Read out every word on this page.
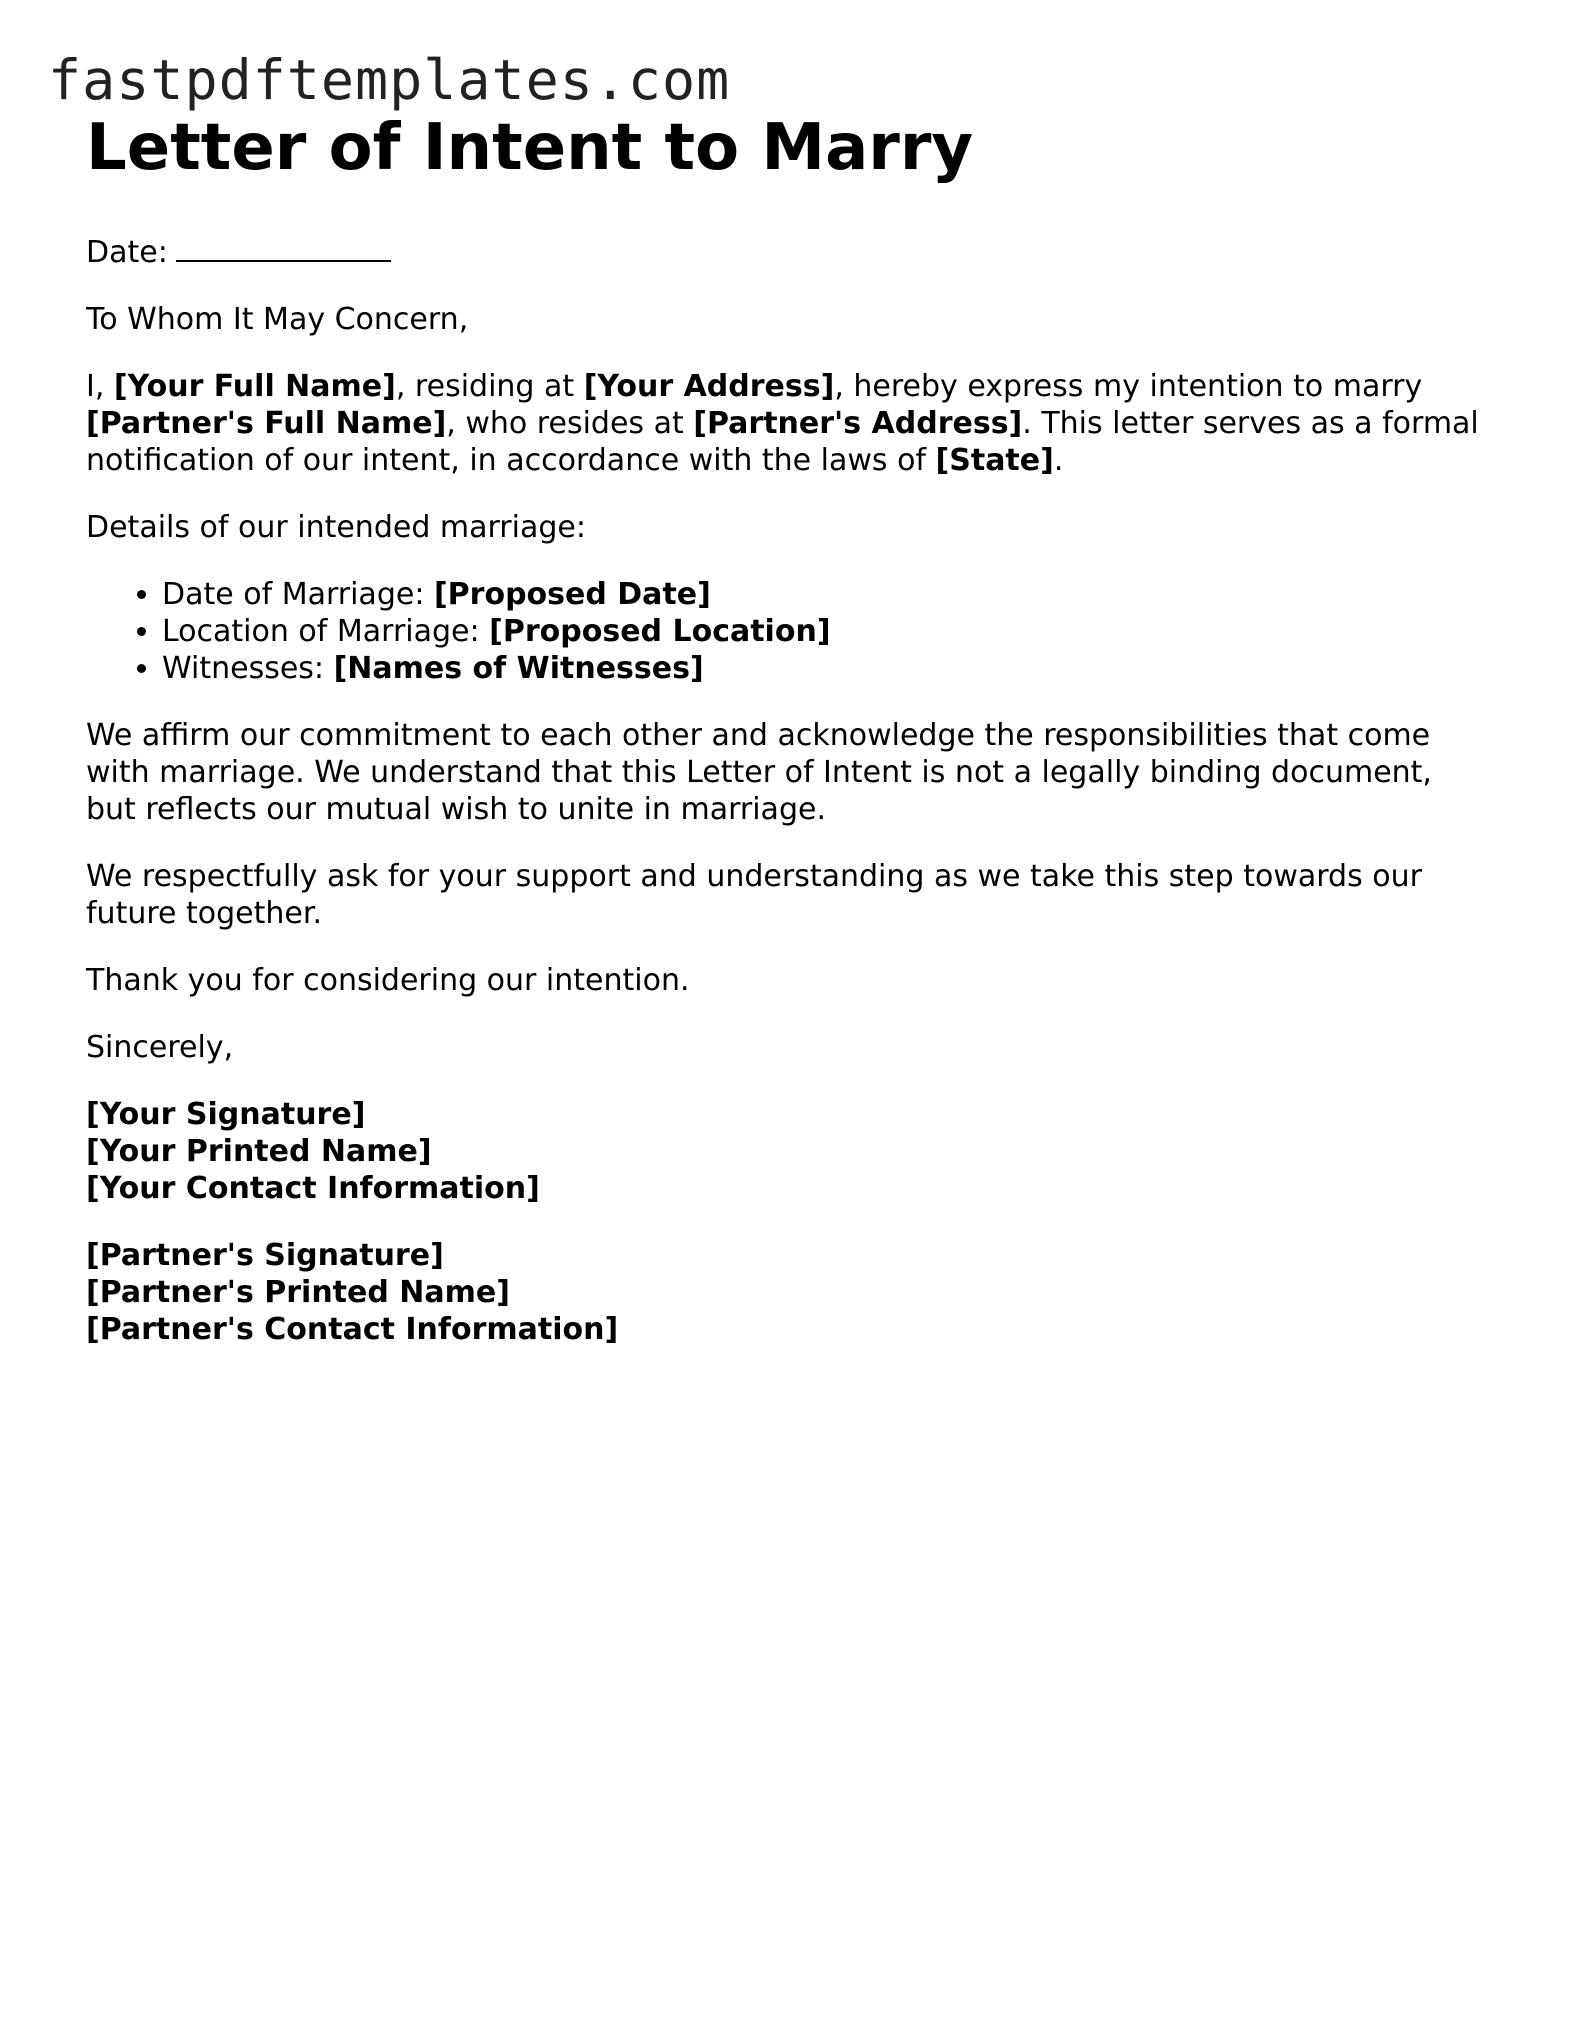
fastpdftemplates.com
Letter of Intent to Marry

Date:

To Whom It May Concern,

I, [Your Full Name], residing at [Your Address], hereby express my intention to marry [Partner's Full Name], who resides at [Partner's Address]. This letter serves as a formal notification of our intent, in accordance with the laws of [State].

Details of our intended marriage:

• Date of Marriage: [Proposed Date]
• Location of Marriage: [Proposed Location]
• Witnesses: [Names of Witnesses]

We affirm our commitment to each other and acknowledge the responsibilities that come with marriage. We understand that this Letter of Intent is not a legally binding document, but reflects our mutual wish to unite in marriage.

We respectfully ask for your support and understanding as we take this step towards our future together.

Thank you for considering our intention.

Sincerely,

[Your Signature]
[Your Printed Name]
[Your Contact Information]
[Partner's Signature]
[Partner's Printed Name]
[Partner's Contact Information]
